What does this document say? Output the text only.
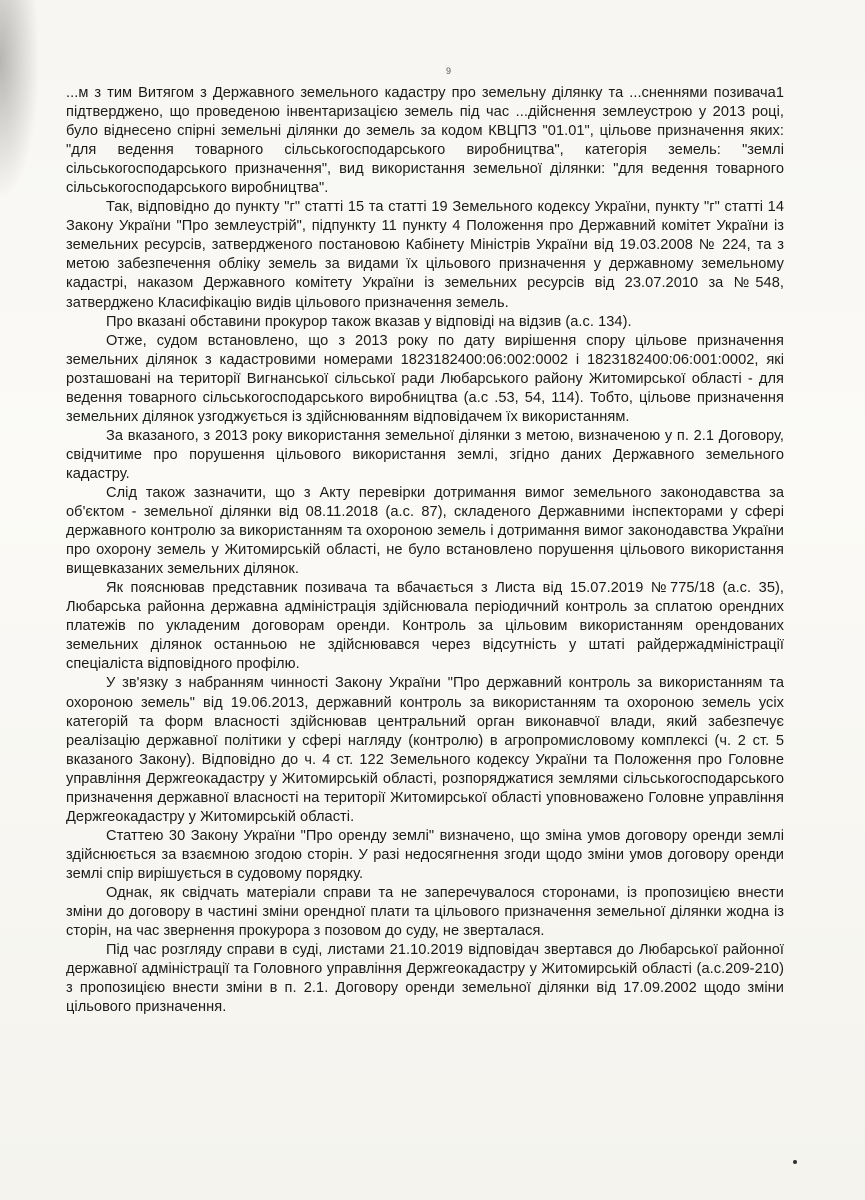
9

...м з тим Витягом з Державного земельного кадастру про земельну ділянку та ...сненнями позивача1 підтверджено, що проведеною інвентаризацією земель під час ...дійснення землеустрою у 2013 році, було віднесено спірні земельні ділянки до земель за кодом КВЦПЗ "01.01", цільове призначення яких: "для ведення товарного сільськогосподарського виробництва", категорія земель: "землі сільськогосподарського призначення", вид використання земельної ділянки: "для ведення товарного сільськогосподарського виробництва".

Так, відповідно до пункту "г" статті 15 та статті 19 Земельного кодексу України, пункту "г" статті 14 Закону України "Про землеустрій", підпункту 11 пункту 4 Положення про Державний комітет України із земельних ресурсів, затвердженого постановою Кабінету Міністрів України від 19.03.2008 № 224, та з метою забезпечення обліку земель за видами їх цільового призначення у державному земельному кадастрі, наказом Державного комітету України із земельних ресурсів від 23.07.2010 за №548, затверджено Класифікацію видів цільового призначення земель.

Про вказані обставини прокурор також вказав у відповіді на відзив (а.с. 134).

Отже, судом встановлено, що з 2013 року по дату вирішення спору цільове призначення земельних ділянок з кадастровими номерами 1823182400:06:002:0002 і 1823182400:06:001:0002, які розташовані на території Вигнанської сільської ради Любарського району Житомирської області - для ведення товарного сільськогосподарського виробництва (а.с .53, 54, 114). Тобто, цільове призначення земельних ділянок узгоджується із здійснюванням відповідачем їх використанням.

За вказаного, з 2013 року використання земельної ділянки з метою, визначеною у п. 2.1 Договору, свідчитиме про порушення цільового використання землі, згідно даних Державного земельного кадастру.

Слід також зазначити, що з Акту перевірки дотримання вимог земельного законодавства за об'єктом - земельної ділянки від 08.11.2018 (а.с. 87), складеного Державними інспекторами у сфері державного контролю за використанням та охороною земель і дотримання вимог законодавства України про охорону земель у Житомирській області, не було встановлено порушення цільового використання вищевказаних земельних ділянок.

Як пояснював представник позивача та вбачається з Листа від 15.07.2019 №775/18 (а.с. 35), Любарська районна державна адміністрація здійснювала періодичний контроль за сплатою орендних платежів по укладеним договорам оренди. Контроль за цільовим використанням орендованих земельних ділянок останньою не здійснювався через відсутність у штаті райдержадміністрації спеціаліста відповідного профілю.

У зв'язку з набранням чинності Закону України "Про державний контроль за використанням та охороною земель" від 19.06.2013, державний контроль за використанням та охороною земель усіх категорій та форм власності здійснював центральний орган виконавчої влади, який забезпечує реалізацію державної політики у сфері нагляду (контролю) в агропромисловому комплексі (ч. 2 ст. 5 вказаного Закону). Відповідно до ч. 4 ст. 122 Земельного кодексу України та Положення про Головне управління Держгеокадастру у Житомирській області, розпоряджатися землями сільськогосподарського призначення державної власності на території Житомирської області уповноважено Головне управління Держгеокадастру у Житомирській області.

Статтею 30 Закону України "Про оренду землі" визначено, що зміна умов договору оренди землі здійснюється за взаємною згодою сторін. У разі недосягнення згоди щодо зміни умов договору оренди землі спір вирішується в судовому порядку.

Однак, як свідчать матеріали справи та не заперечувалося сторонами, із пропозицією внести зміни до договору в частині зміни орендної плати та цільового призначення земельної ділянки жодна із сторін, на час звернення прокурора з позовом до суду, не зверталася.

Під час розгляду справи в суді, листами 21.10.2019 відповідач звертався до Любарської районної державної адміністрації та Головного управління Держгеокадастру у Житомирській області (а.с.209-210) з пропозицією внести зміни в п. 2.1. Договору оренди земельної ділянки від 17.09.2002 щодо зміни цільового призначення.
